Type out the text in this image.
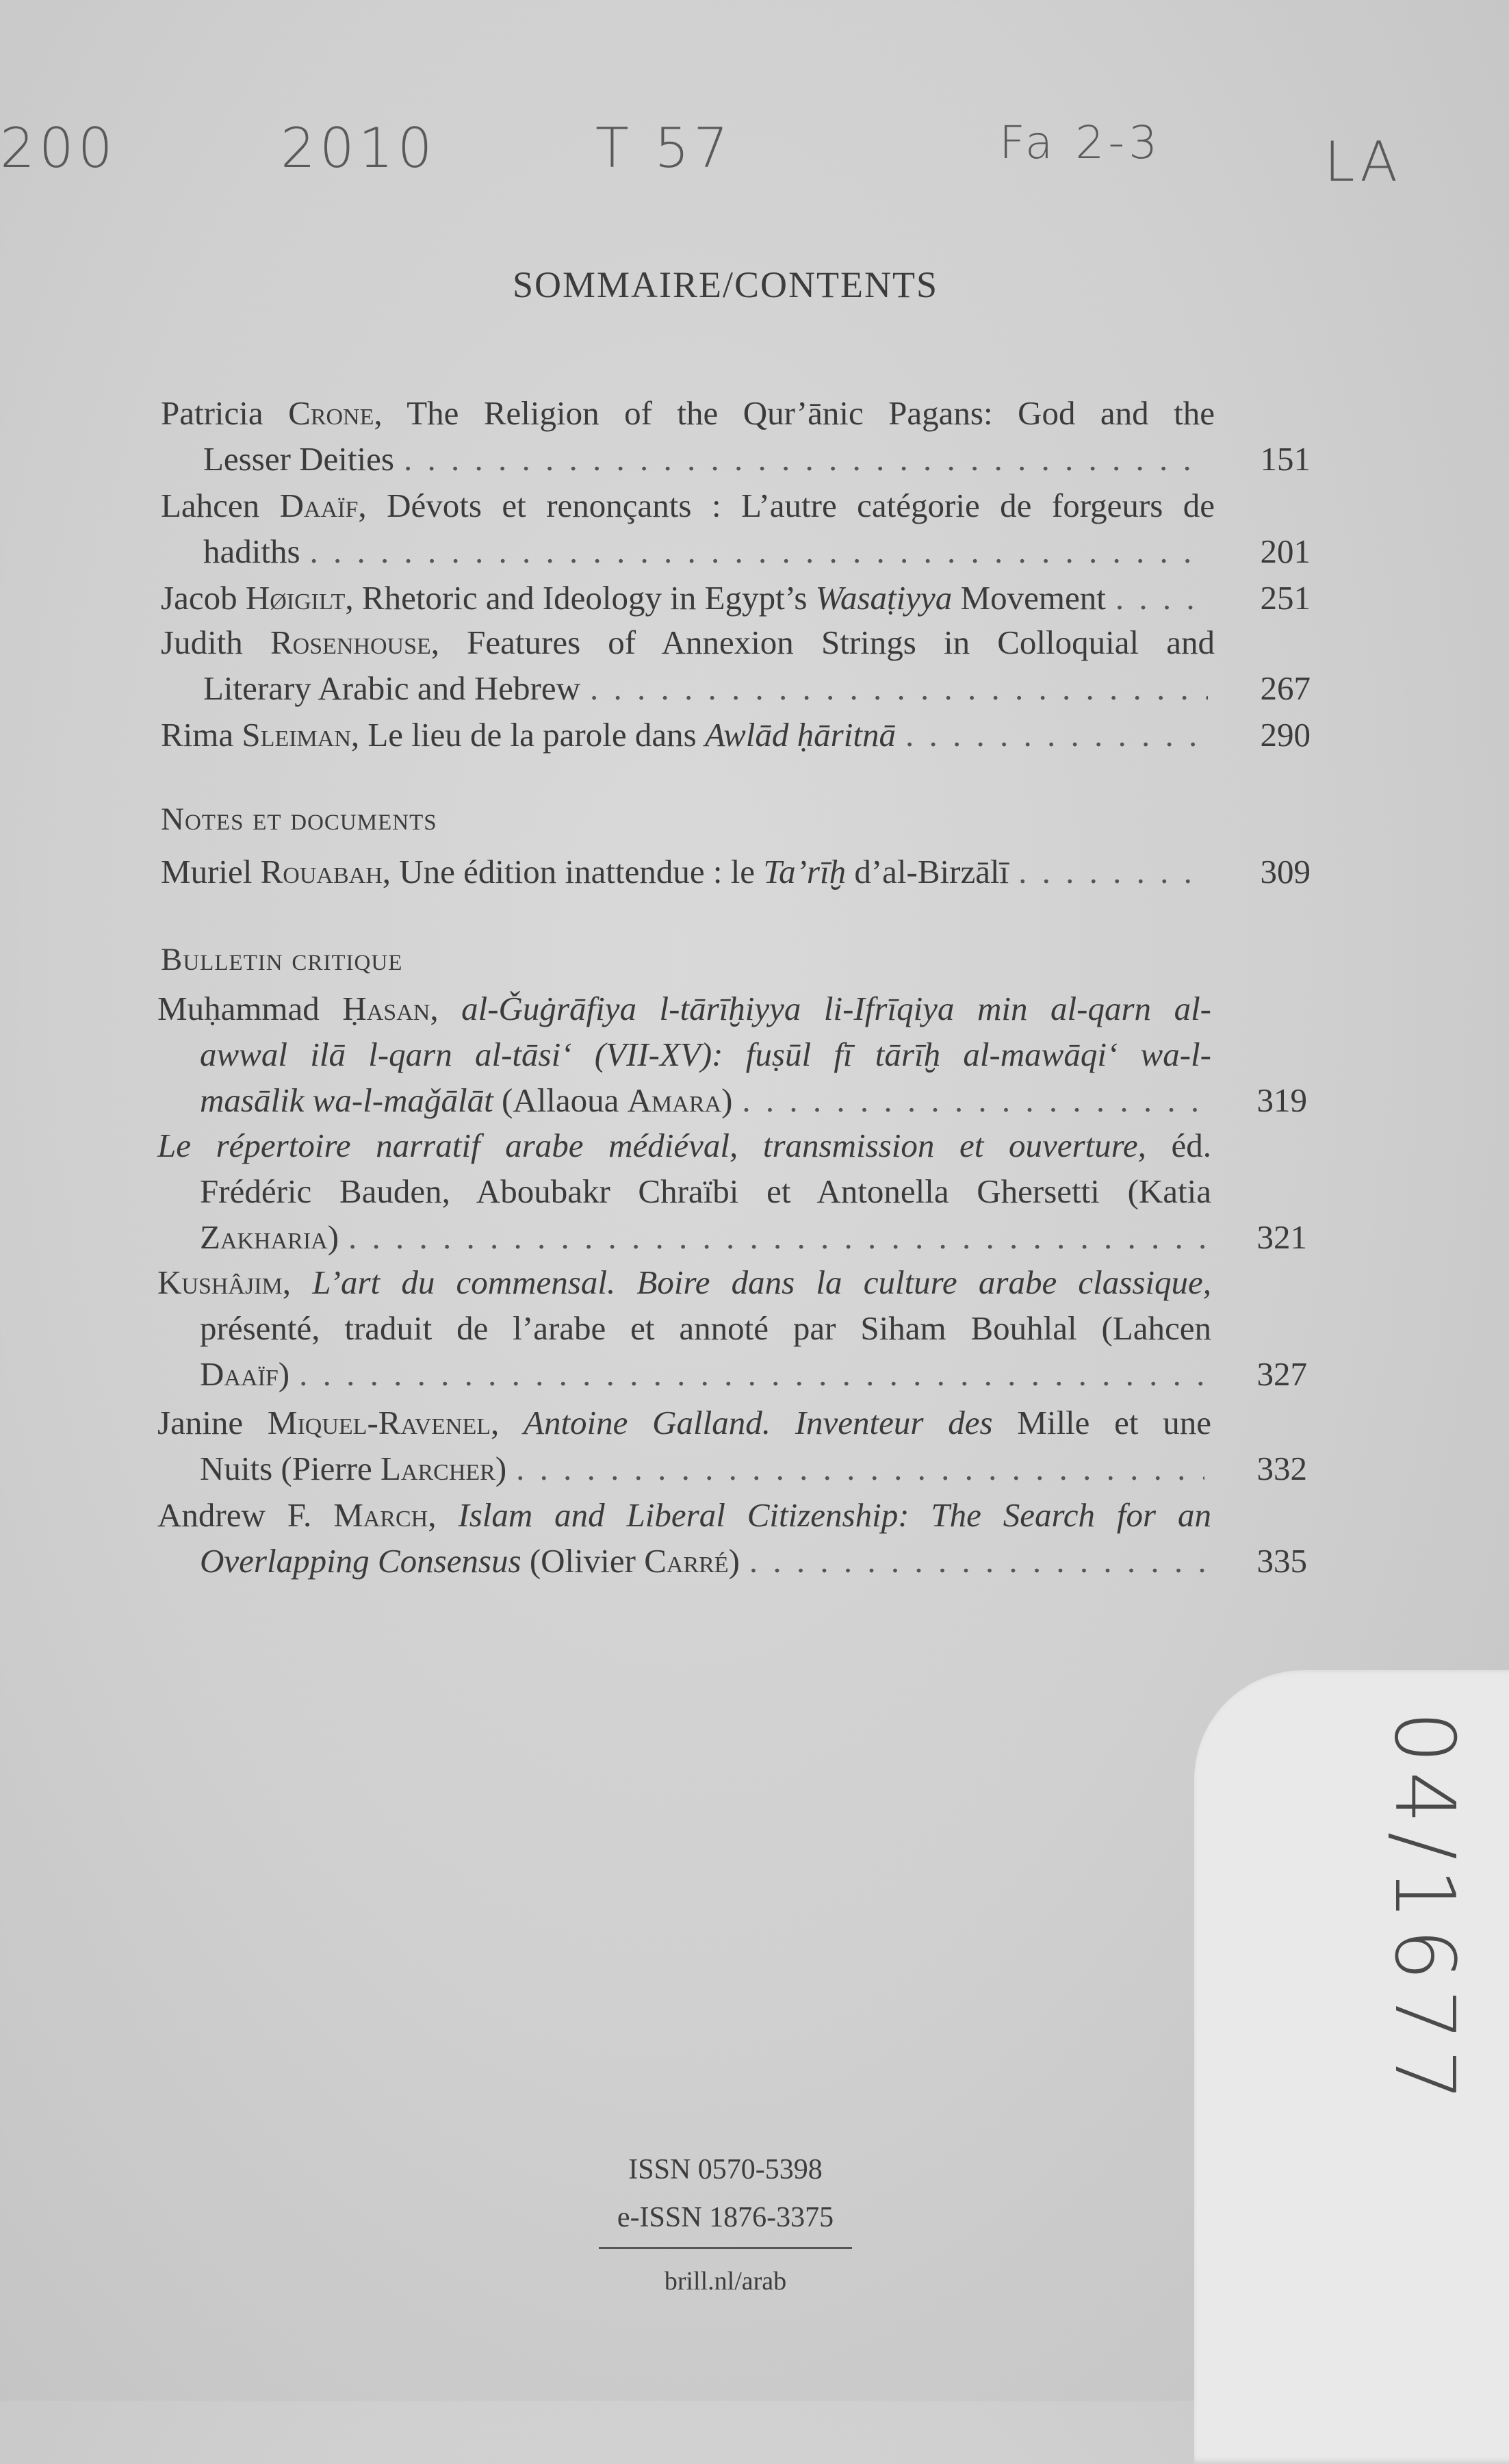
200	2010	T 57	Fa 2-3	LA
SOMMAIRE/CONTENTS
Patricia Crone, The Religion of the Qur’ānic Pagans: God and the
Lesser Deities . . .	151
Lahcen Daaïf, Dévots et renonçants : L’autre catégorie de forgeurs de
hadiths . . .	201
Jacob Høigilt, Rhetoric and Ideology in Egypt’s Wasaṭiyya Movement . . .	251
Judith Rosenhouse, Features of Annexion Strings in Colloquial and
Literary Arabic and Hebrew . . .	267
Rima Sleiman, Le lieu de la parole dans Awlād ḥāritnā . . .	290
Notes et documents
Muriel Rouabah, Une édition inattendue : le Ta’rīḫ d’al-Birzālī . . .	309
Bulletin critique
Muḥammad Ḥasan, al-Ǧuġrāfiya l-tārīḫiyya li-Ifrīqiya min al-qarn al-
awwal ilā l-qarn al-tāsi‘ (VII-XV): fuṣūl fī tārīḫ al-mawāqi‘ wa-l-
masālik wa-l-maǧālāt (Allaoua Amara) . . .	319
Le répertoire narratif arabe médiéval, transmission et ouverture, éd.
Frédéric Bauden, Aboubakr Chraïbi et Antonella Ghersetti (Katia
Zakharia) . . .	321
Kushâjim, L’art du commensal. Boire dans la culture arabe classique,
présenté, traduit de l’arabe et annoté par Siham Bouhlal (Lahcen
Daaïf) . . .	327
Janine Miquel-Ravenel, Antoine Galland. Inventeur des Mille et une
Nuits (Pierre Larcher) . . .	332
Andrew F. March, Islam and Liberal Citizenship: The Search for an
Overlapping Consensus (Olivier Carré) . . .	335
ISSN 0570-5398
e-ISSN 1876-3375
brill.nl/arab
04/1677
